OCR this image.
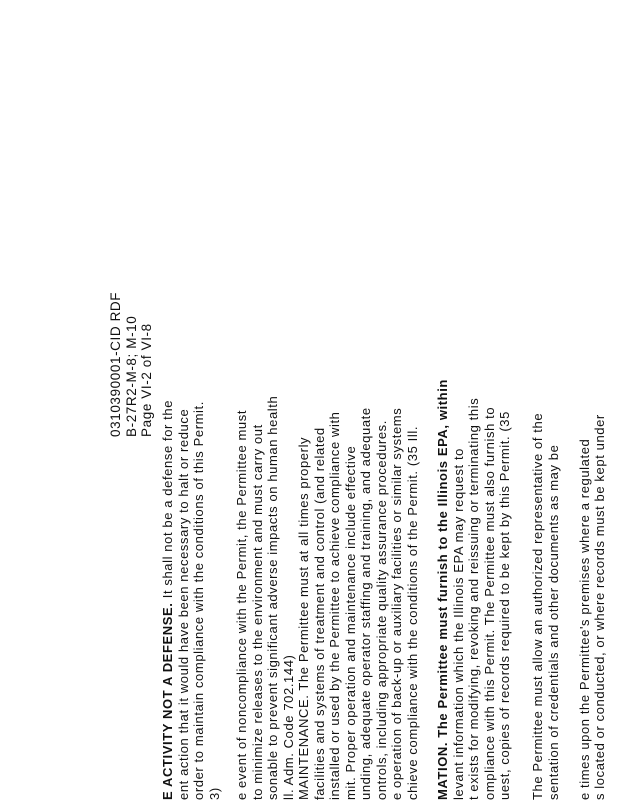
0310390001-CID RDF B-27R2-M-8; M-10 Page VI-2 of VI-8
E ACTIVITY NOT A DEFENSE. It shall not be a defense for the ent action that it would have been necessary to halt or reduce order to maintain compliance with the conditions of this Permit. 3) e event of noncompliance with the Permit, the Permittee must to minimize releases to the environment and must carry out sonable to prevent significant adverse impacts on human health ll. Adm. Code 702.144) MAINTENANCE. The Permittee must at all times properly facilities and systems of treatment and control (and related installed or used by the Permittee to achieve compliance with mit. Proper operation and maintenance include effective unding, adequate operator staffing and training, and adequate ontrols, including appropriate quality assurance procedures. e operation of back-up or auxiliary facilities or similar systems chieve compliance with the conditions of the Permit. (35 Ill. MATION. The Permittee must furnish to the Illinois EPA, within levant information which the Illinois EPA may request to t exists for modifying, revoking and reissuing or terminating this ompliance with this Permit. The Permittee must also furnish to uest, copies of records required to be kept by this Permit. (35 The Permittee must allow an authorized representative of the sentation of credentials and other documents as may be
e times upon the Permittee's premises where a regulated s located or conducted, or where records must be kept under
